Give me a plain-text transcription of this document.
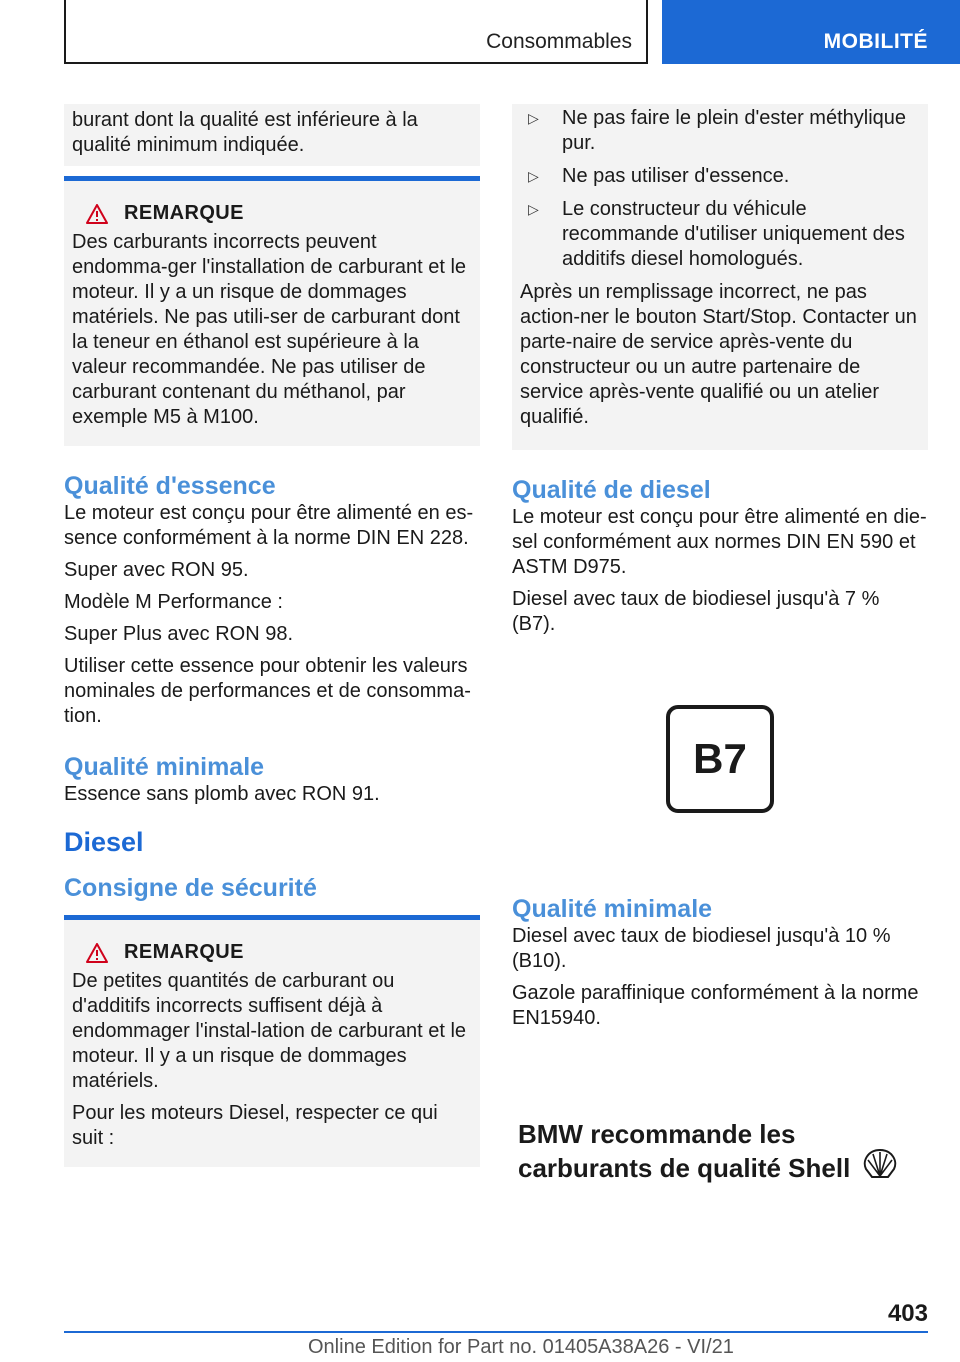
Consommables	MOBILITÉ

burant dont la qualité est inférieure à la qualité minimum indiquée.

REMARQUE

Des carburants incorrects peuvent endomma-ger l'installation de carburant et le moteur. Il y a un risque de dommages matériels. Ne pas utili-ser de carburant dont la teneur en éthanol est supérieure à la valeur recommandée. Ne pas utiliser de carburant contenant du méthanol, par exemple M5 à M100.

Qualité d'essence

Le moteur est conçu pour être alimenté en es-sence conformément à la norme DIN EN 228.

Super avec RON 95.

Modèle M Performance :

Super Plus avec RON 98.

Utiliser cette essence pour obtenir les valeurs nominales de performances et de consomma-tion.

Qualité minimale

Essence sans plomb avec RON 91.

Diesel
Consigne de sécurité
REMARQUE

De petites quantités de carburant ou d'additifs incorrects suffisent déjà à endommager l'instal-lation de carburant et le moteur. Il y a un risque de dommages matériels.

Pour les moteurs Diesel, respecter ce qui suit :

▷	Ne pas faire le plein d'ester méthylique pur.
▷	Ne pas utiliser d'essence.
▷	Le constructeur du véhicule recommande d'utiliser uniquement des additifs diesel homologués.

Après un remplissage incorrect, ne pas action-ner le bouton Start/Stop. Contacter un parte-naire de service après-vente du constructeur ou un autre partenaire de service après-vente qualifié ou un atelier qualifié.

Qualité de diesel

Le moteur est conçu pour être alimenté en die-sel conformément aux normes DIN EN 590 et ASTM D975.

Diesel avec taux de biodiesel jusqu'à 7 % (B7).

B7
Qualité minimale

Diesel avec taux de biodiesel jusqu'à 10 % (B10).

Gazole paraffinique conformément à la norme EN15940.

BMW recommande les
carburants de qualité Shell
403
Online Edition for Part no. 01405A38A26 - VI/21
